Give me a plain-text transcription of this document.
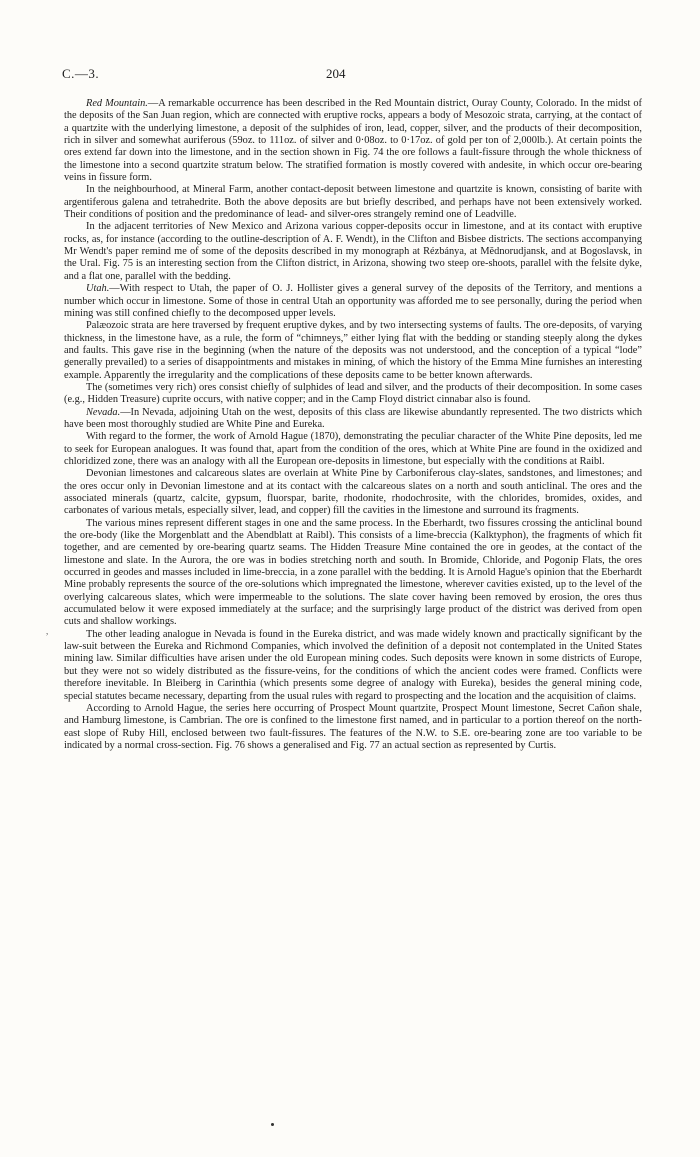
C.—3.	204

Red Mountain.—A remarkable occurrence has been described in the Red Mountain district, Ouray County, Colorado. In the midst of the deposits of the San Juan region, which are connected with eruptive rocks, appears a body of Mesozoic strata, carrying, at the contact of a quartzite with the underlying limestone, a deposit of the sulphides of iron, lead, copper, silver, and the products of their decomposition, rich in silver and somewhat auriferous (59oz. to 111oz. of silver and 0·08oz. to 0·17oz. of gold per ton of 2,000lb.). At certain points the ores extend far down into the limestone, and in the section shown in Fig. 74 the ore follows a fault-fissure through the whole thickness of the limestone into a second quartzite stratum below. The stratified formation is mostly covered with andesite, in which occur ore-bearing veins in fissure form.

In the neighbourhood, at Mineral Farm, another contact-deposit between limestone and quartzite is known, consisting of barite with argentiferous galena and tetrahedrite. Both the above deposits are but briefly described, and perhaps have not been extensively worked. Their conditions of position and the predominance of lead- and silver-ores strangely remind one of Leadville.

In the adjacent territories of New Mexico and Arizona various copper-deposits occur in limestone, and at its contact with eruptive rocks, as, for instance (according to the outline-description of A. F. Wendt), in the Clifton and Bisbee districts. The sections accompanying Mr Wendt's paper remind me of some of the deposits described in my monograph at Rézbánya, at Mĕdnorudjansk, and at Bogoslavsk, in the Ural. Fig. 75 is an interesting section from the Clifton district, in Arizona, showing two steep ore-shoots, parallel with the felsite dyke, and a flat one, parallel with the bedding.

Utah.—With respect to Utah, the paper of O. J. Hollister gives a general survey of the deposits of the Territory, and mentions a number which occur in limestone. Some of those in central Utah an opportunity was afforded me to see personally, during the period when mining was still confined chiefly to the decomposed upper levels.

Palæozoic strata are here traversed by frequent eruptive dykes, and by two intersecting systems of faults. The ore-deposits, of varying thickness, in the limestone have, as a rule, the form of “chimneys,” either lying flat with the bedding or standing steeply along the dykes and faults. This gave rise in the beginning (when the nature of the deposits was not understood, and the conception of a typical “lode” generally prevailed) to a series of disappointments and mistakes in mining, of which the history of the Emma Mine furnishes an interesting example. Apparently the irregularity and the complications of these deposits came to be better known afterwards.

The (sometimes very rich) ores consist chiefly of sulphides of lead and silver, and the products of their decomposition. In some cases (e.g., Hidden Treasure) cuprite occurs, with native copper; and in the Camp Floyd district cinnabar also is found.

Nevada.—In Nevada, adjoining Utah on the west, deposits of this class are likewise abundantly represented. The two districts which have been most thoroughly studied are White Pine and Eureka.

With regard to the former, the work of Arnold Hague (1870), demonstrating the peculiar character of the White Pine deposits, led me to seek for European analogues. It was found that, apart from the condition of the ores, which at White Pine are found in the oxidized and chloridized zone, there was an analogy with all the European ore-deposits in limestone, but especially with the conditions at Raibl.

Devonian limestones and calcareous slates are overlain at White Pine by Carboniferous clay-slates, sandstones, and limestones; and the ores occur only in Devonian limestone and at its contact with the calcareous slates on a north and south anticlinal. The ores and the associated minerals (quartz, calcite, gypsum, fluorspar, barite, rhodonite, rhodochrosite, with the chlorides, bromides, oxides, and carbonates of various metals, especially silver, lead, and copper) fill the cavities in the limestone and surround its fragments.

The various mines represent different stages in one and the same process. In the Eberhardt, two fissures crossing the anticlinal bound the ore-body (like the Morgenblatt and the Abendblatt at Raibl). This consists of a lime-breccia (Kalktyphon), the fragments of which fit together, and are cemented by ore-bearing quartz seams. The Hidden Treasure Mine contained the ore in geodes, at the contact of the limestone and slate. In the Aurora, the ore was in bodies stretching north and south. In Bromide, Chloride, and Pogonip Flats, the ores occurred in geodes and masses included in lime-breccia, in a zone parallel with the bedding. It is Arnold Hague's opinion that the Eberhardt Mine probably represents the source of the ore-solutions which impregnated the limestone, wherever cavities existed, up to the level of the overlying calcareous slates, which were impermeable to the solutions. The slate cover having been removed by erosion, the ores thus accumulated below it were exposed immediately at the surface; and the surprisingly large product of the district was derived from open cuts and shallow workings.

The other leading analogue in Nevada is found in the Eureka district, and was made widely known and practically significant by the law-suit between the Eureka and Richmond Companies, which involved the definition of a deposit not contemplated in the United States mining law. Similar difficulties have arisen under the old European mining codes. Such deposits were known in some districts of Europe, but they were not so widely distributed as the fissure-veins, for the conditions of which the ancient codes were framed. Conflicts were therefore inevitable. In Bleiberg in Carinthia (which presents some degree of analogy with Eureka), besides the general mining code, special statutes became necessary, departing from the usual rules with regard to prospecting and the location and the acquisition of claims.

According to Arnold Hague, the series here occurring of Prospect Mount quartzite, Prospect Mount limestone, Secret Cañon shale, and Hamburg limestone, is Cambrian. The ore is confined to the limestone first named, and in particular to a portion thereof on the north-east slope of Ruby Hill, enclosed between two fault-fissures. The features of the N.W. to S.E. ore-bearing zone are too variable to be indicated by a normal cross-section. Fig. 76 shows a generalised and Fig. 77 an actual section as represented by Curtis.

,
